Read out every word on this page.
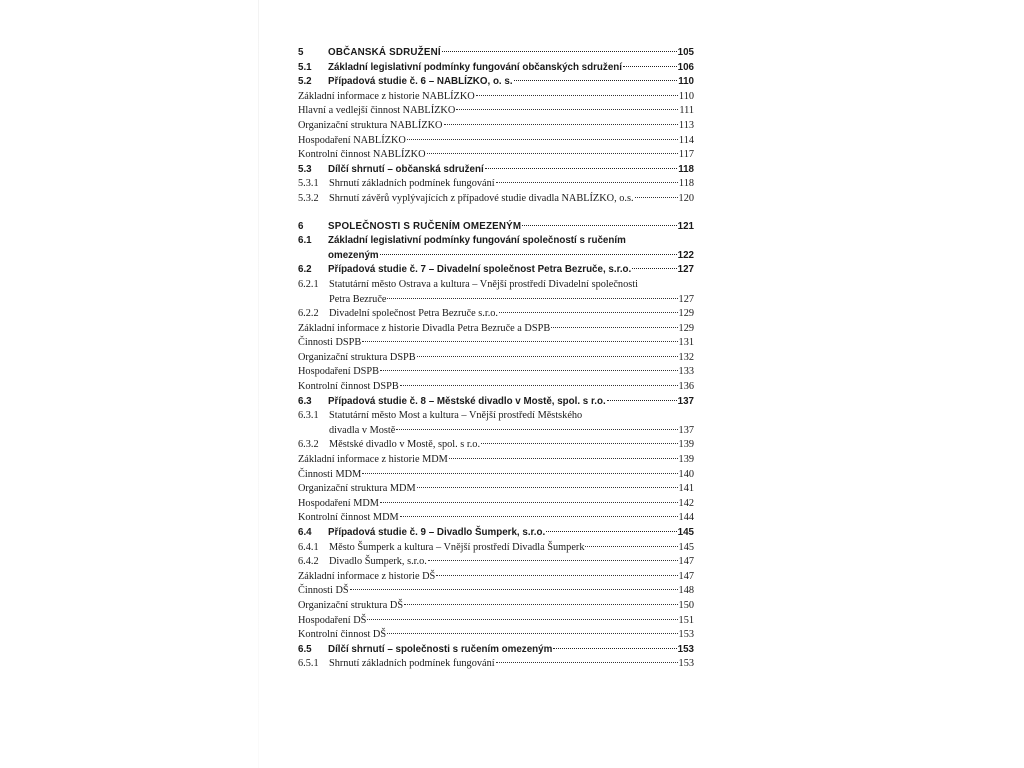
5	OBČANSKÁ SDRUŽENÍ	105
5.1	Základní legislativní podmínky fungování občanských sdružení	106
5.2	Případová studie č. 6 – NABLÍZKO, o. s.	110
Základní informace z historie NABLÍZKO	110
Hlavní a vedlejší činnost NABLÍZKO	111
Organizační struktura NABLÍZKO	113
Hospodaření NABLÍZKO	114
Kontrolní činnost NABLÍZKO	117
5.3	Dílčí shrnutí – občanská sdružení	118
5.3.1	Shrnutí základních podmínek fungování	118
5.3.2	Shrnutí závěrů vyplývajících z případové studie divadla NABLÍZKO, o.s.	120
6	SPOLEČNOSTI S RUČENÍM OMEZENÝM	121
6.1	Základní legislativní podmínky fungování společností s ručením
omezeným	122
6.2	Případová studie č. 7 – Divadelní společnost Petra Bezruče, s.r.o.	127
6.2.1	Statutární město Ostrava a kultura – Vnější prostředí Divadelní společnosti
Petra Bezruče	127
6.2.2	Divadelní společnost Petra Bezruče s.r.o.	129
Základní informace z historie Divadla Petra Bezruče a DSPB	129
Činnosti DSPB	131
Organizační struktura DSPB	132
Hospodaření DSPB	133
Kontrolní činnost DSPB	136
6.3	Případová studie č. 8 – Městské divadlo v Mostě, spol. s r.o.	137
6.3.1	Statutární město Most a kultura – Vnější prostředí Městského
divadla v Mostě	137
6.3.2	Městské divadlo v Mostě, spol. s r.o.	139
Základní informace z historie MDM	139
Činnosti MDM	140
Organizační struktura MDM	141
Hospodaření MDM	142
Kontrolní činnost MDM	144
6.4	Případová studie č. 9 – Divadlo Šumperk, s.r.o.	145
6.4.1	Město Šumperk a kultura – Vnější prostředí Divadla Šumperk	145
6.4.2	Divadlo Šumperk, s.r.o.	147
Základní informace z historie DŠ	147
Činnosti DŠ	148
Organizační struktura DŠ	150
Hospodaření DŠ	151
Kontrolní činnost DŠ	153
6.5	Dílčí shrnutí – společnosti s ručením omezeným	153
6.5.1	Shrnutí základních podmínek fungování	153
